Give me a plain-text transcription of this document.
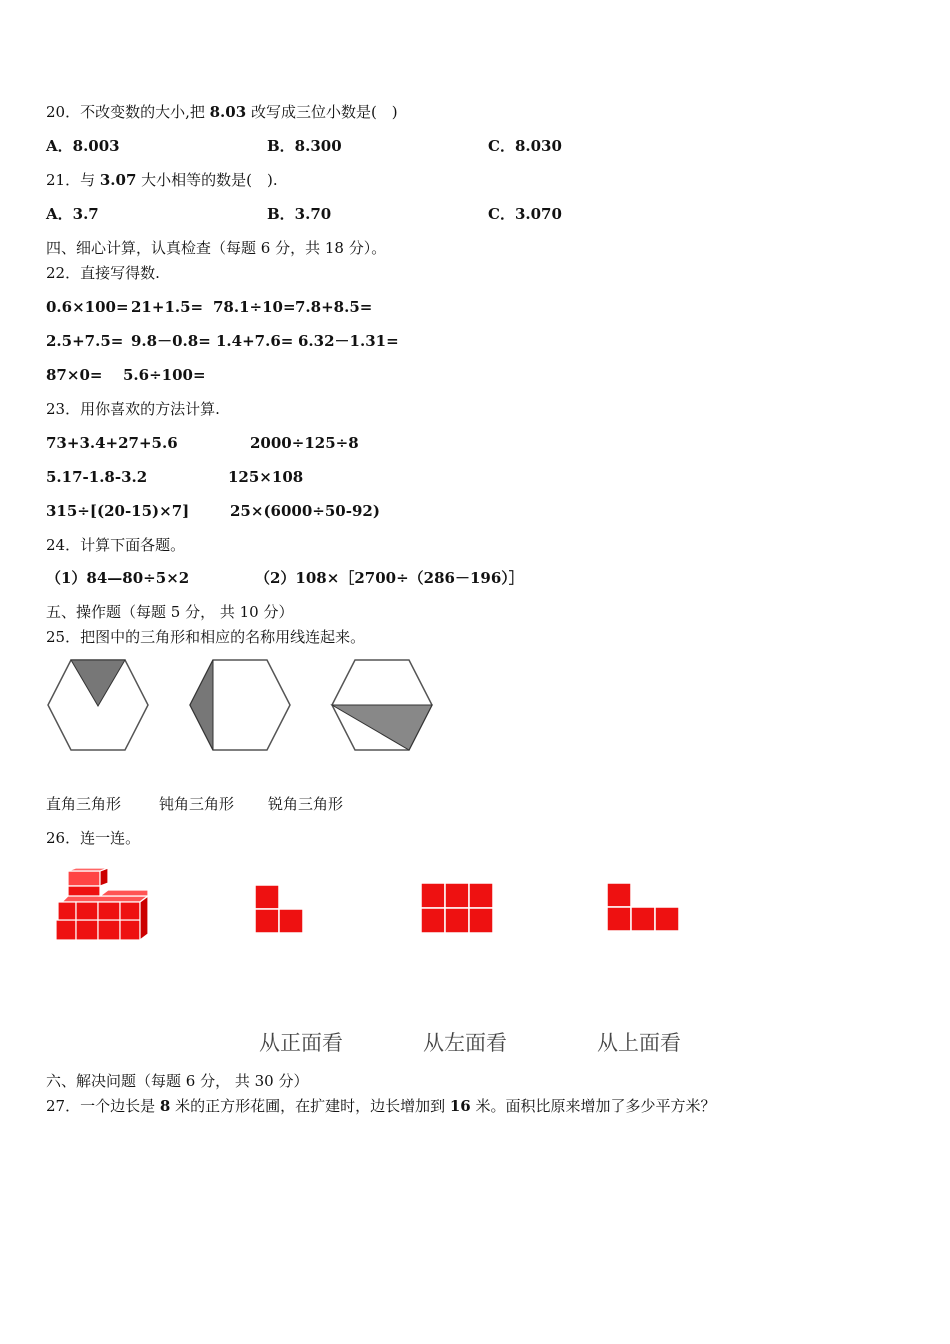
20．不改变数的大小,把 8.03 改写成三位小数是(　)
A．8.003	B．8.300	C．8.030
21．与 3.07 大小相等的数是(　).
A．3.7	B．3.70	C．3.070
四、细心计算，认真检查（每题 6 分，共 18 分）。
22．直接写得数.
0.6×100= 21+1.5= 78.1÷10= 7.8+8.5=
2.5+7.5= 9.8－0.8= 1.4+7.6= 6.32－1.31=
87×0= 5.6÷100=
23．用你喜欢的方法计算.
73+3.4+27+5.6	2000÷125÷8
5.17-1.8-3.2	125×108
315÷[(20-15)×7]	25×(6000÷50-92)
24．计算下面各题。
（1）84—80÷5×2	（2）108×［2700÷（286－196）］
五、操作题（每题 5 分， 共 10 分）
25．把图中的三角形和相应的名称用线连起来。
直角三角形	钝角三角形 锐角三角形
26．连一连。
从正面看	从左面看	从上面看
六、解决问题（每题 6 分， 共 30 分）
27．一个边长是 8 米的正方形花圃，在扩建时，边长增加到 16 米。面积比原来增加了多少平方米？
